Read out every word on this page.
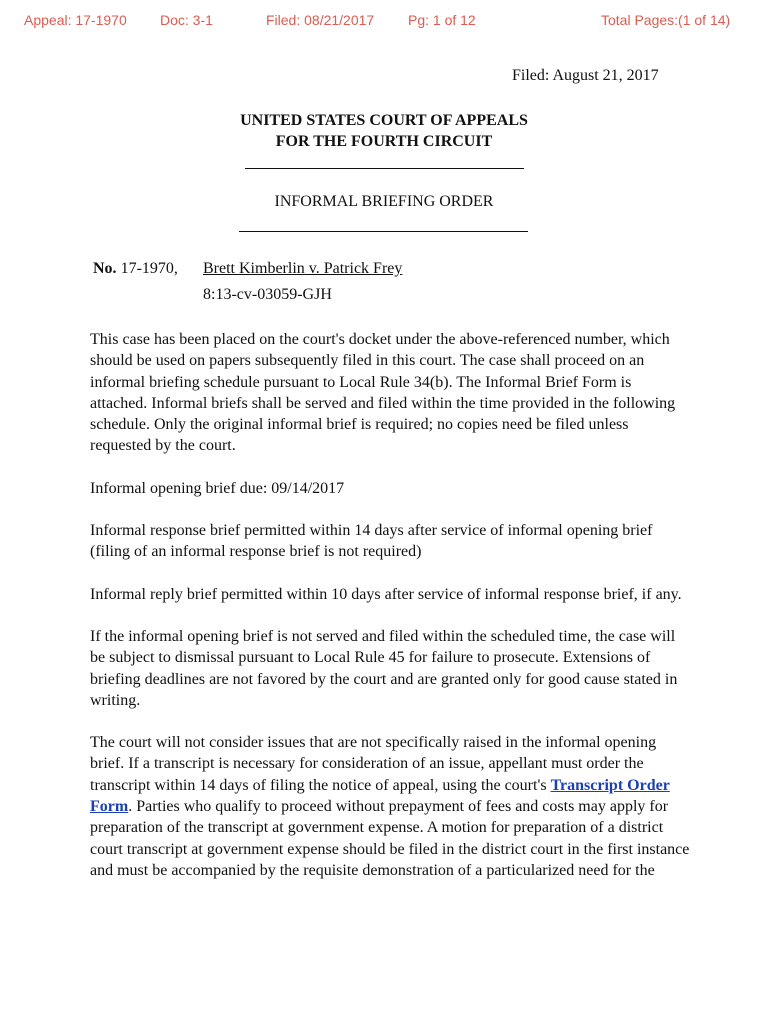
Appeal: 17-1970 Doc: 3-1	Filed: 08/21/2017 Pg: 1 of 12	Total Pages:(1 of 14)
Filed: August 21, 2017
UNITED STATES COURT OF APPEALS
FOR THE FOURTH CIRCUIT
INFORMAL BRIEFING ORDER
No. 17-1970, Brett Kimberlin v. Patrick Frey
8:13-cv-03059-GJH

This case has been placed on the court's docket under the above-referenced number, which should be used on papers subsequently filed in this court. The case shall proceed on an informal briefing schedule pursuant to Local Rule 34(b). The Informal Brief Form is attached. Informal briefs shall be served and filed within the time provided in the following schedule. Only the original informal brief is required; no copies need be filed unless requested by the court.

Informal opening brief due: 09/14/2017

Informal response brief permitted within 14 days after service of informal opening brief (filing of an informal response brief is not required)

Informal reply brief permitted within 10 days after service of informal response brief, if any.

If the informal opening brief is not served and filed within the scheduled time, the case will be subject to dismissal pursuant to Local Rule 45 for failure to prosecute. Extensions of briefing deadlines are not favored by the court and are granted only for good cause stated in writing.

The court will not consider issues that are not specifically raised in the informal opening brief. If a transcript is necessary for consideration of an issue, appellant must order the transcript within 14 days of filing the notice of appeal, using the court's Transcript Order Form. Parties who qualify to proceed without prepayment of fees and costs may apply for preparation of the transcript at government expense. A motion for preparation of a district court transcript at government expense should be filed in the district court in the first instance and must be accompanied by the requisite demonstration of a particularized need for the
